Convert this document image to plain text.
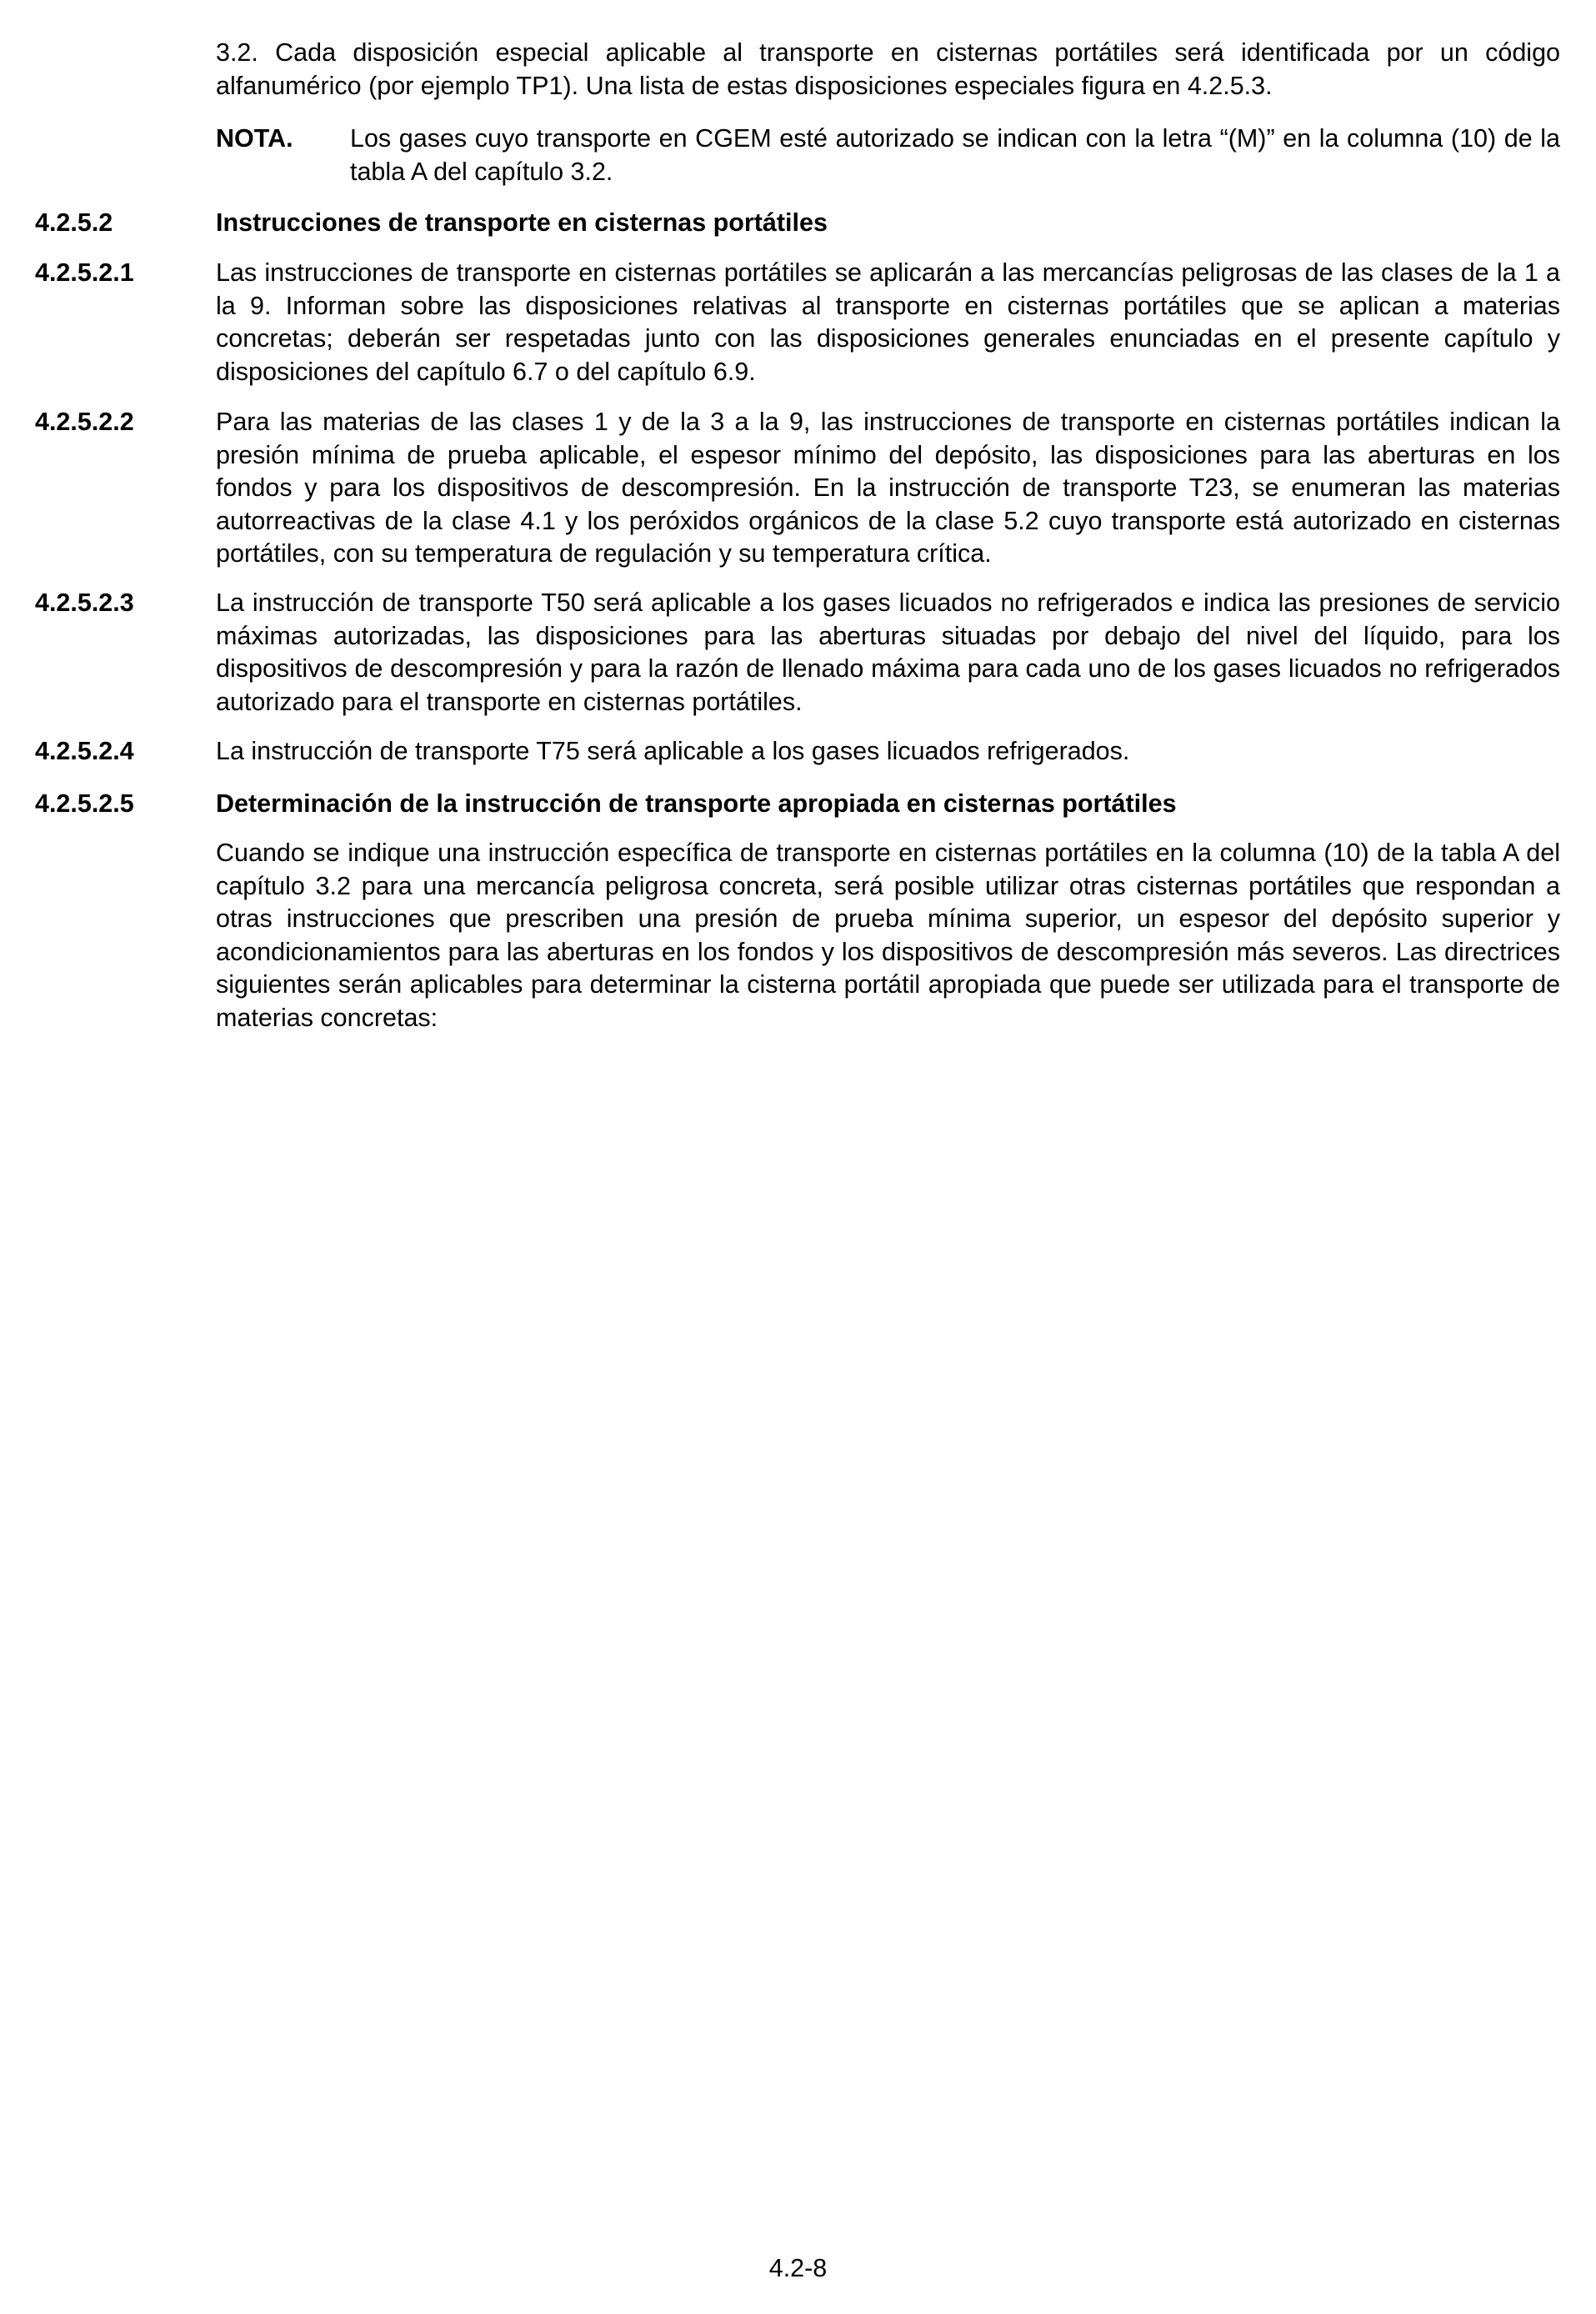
3.2. Cada disposición especial aplicable al transporte en cisternas portátiles será identificada por un código alfanumérico (por ejemplo TP1). Una lista de estas disposiciones especiales figura en 4.2.5.3.
NOTA.	Los gases cuyo transporte en CGEM esté autorizado se indican con la letra “(M)” en la columna (10) de la tabla A del capítulo 3.2.
4.2.5.2	Instrucciones de transporte en cisternas portátiles
4.2.5.2.1	Las instrucciones de transporte en cisternas portátiles se aplicarán a las mercancías peligrosas de las clases de la 1 a la 9. Informan sobre las disposiciones relativas al transporte en cisternas portátiles que se aplican a materias concretas; deberán ser respetadas junto con las disposiciones generales enunciadas en el presente capítulo y disposiciones del capítulo 6.7 o del capítulo 6.9.
4.2.5.2.2	Para las materias de las clases 1 y de la 3 a la 9, las instrucciones de transporte en cisternas portátiles indican la presión mínima de prueba aplicable, el espesor mínimo del depósito, las disposiciones para las aberturas en los fondos y para los dispositivos de descompresión. En la instrucción de transporte T23, se enumeran las materias autorreactivas de la clase 4.1 y los peróxidos orgánicos de la clase 5.2 cuyo transporte está autorizado en cisternas portátiles, con su temperatura de regulación y su temperatura crítica.
4.2.5.2.3	La instrucción de transporte T50 será aplicable a los gases licuados no refrigerados e indica las presiones de servicio máximas autorizadas, las disposiciones para las aberturas situadas por debajo del nivel del líquido, para los dispositivos de descompresión y para la razón de llenado máxima para cada uno de los gases licuados no refrigerados autorizado para el transporte en cisternas portátiles.
4.2.5.2.4	La instrucción de transporte T75 será aplicable a los gases licuados refrigerados.
4.2.5.2.5	Determinación de la instrucción de transporte apropiada en cisternas portátiles
Cuando se indique una instrucción específica de transporte en cisternas portátiles en la columna (10) de la tabla A del capítulo 3.2 para una mercancía peligrosa concreta, será posible utilizar otras cisternas portátiles que respondan a otras instrucciones que prescriben una presión de prueba mínima superior, un espesor del depósito superior y acondicionamientos para las aberturas en los fondos y los dispositivos de descompresión más severos. Las directrices siguientes serán aplicables para determinar la cisterna portátil apropiada que puede ser utilizada para el transporte de materias concretas:
4.2-8
